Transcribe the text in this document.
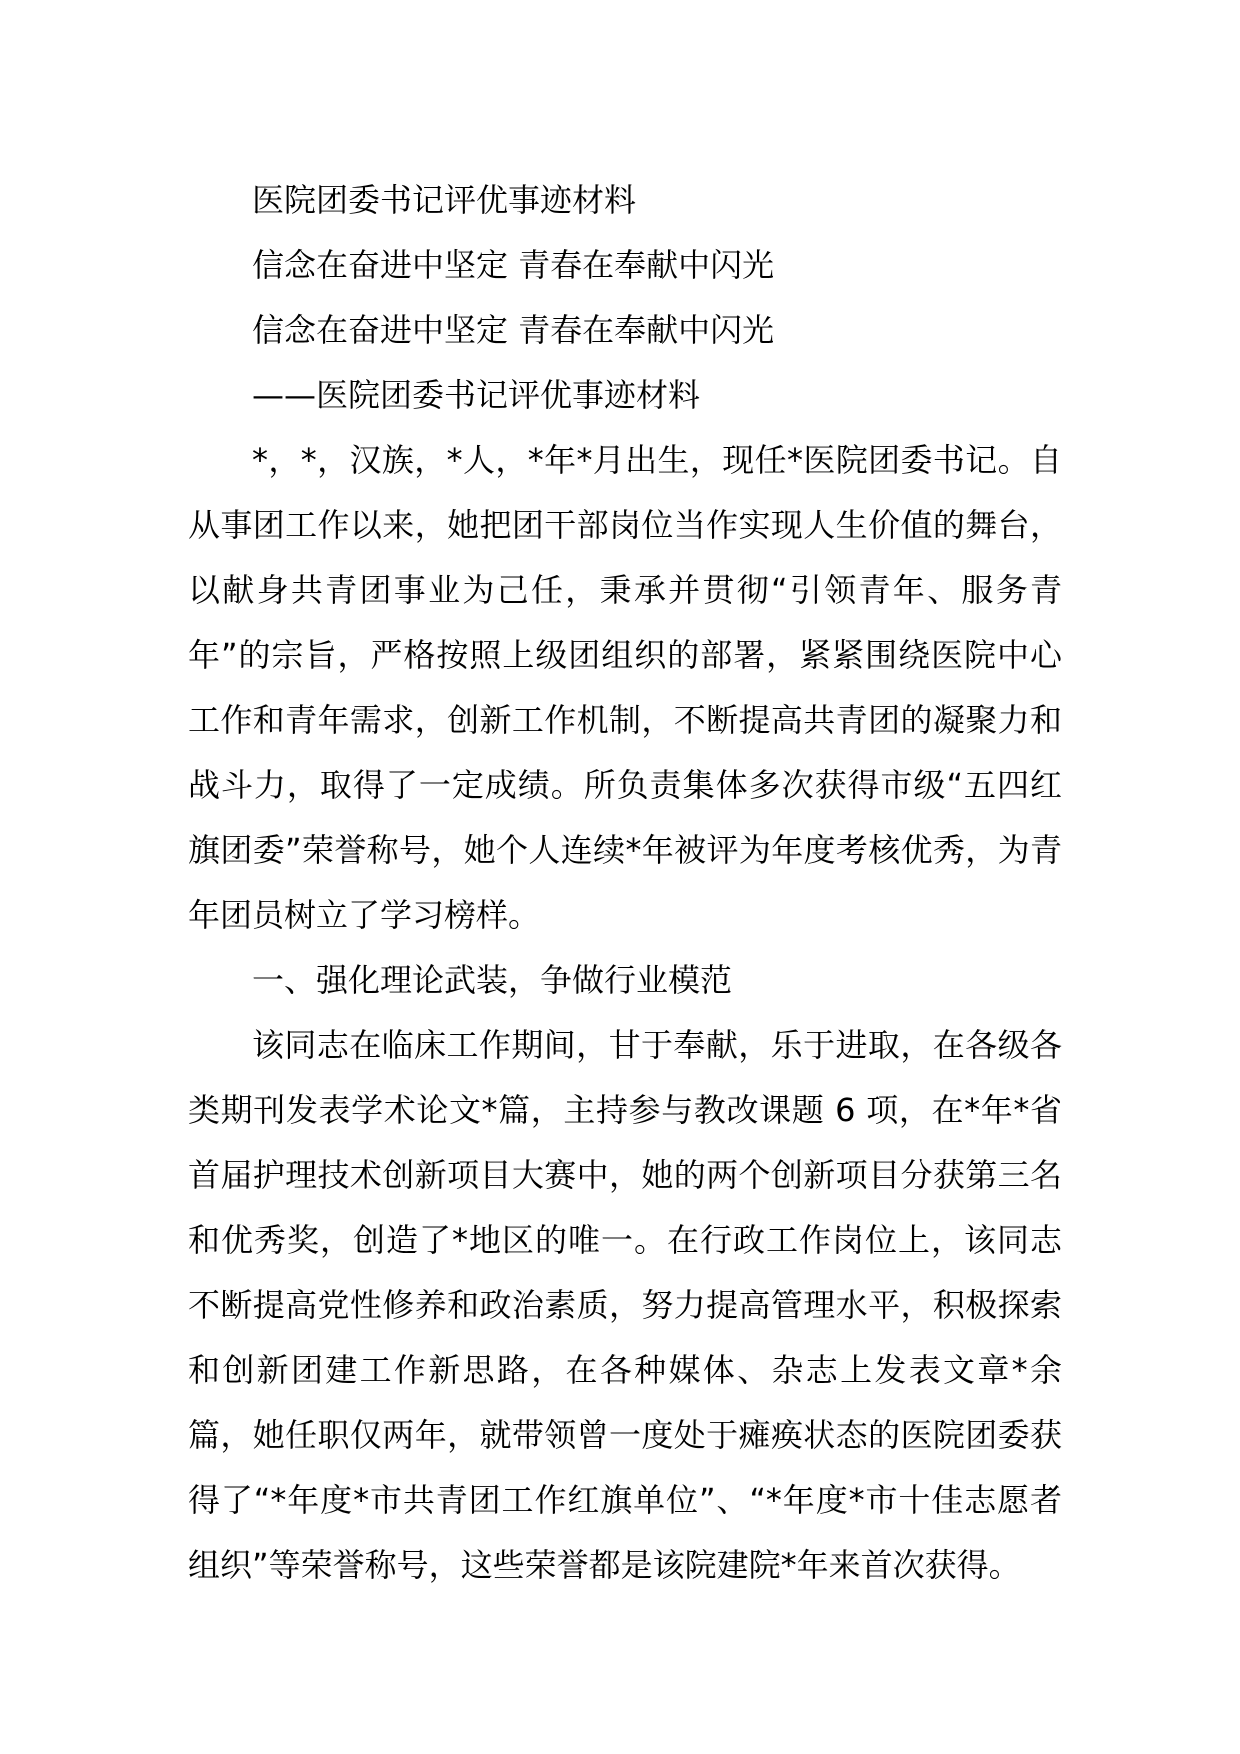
医院团委书记评优事迹材料

信念在奋进中坚定 青春在奉献中闪光

信念在奋进中坚定 青春在奉献中闪光

——医院团委书记评优事迹材料

*，*，汉族，*人，*年*月出生，现任*医院团委书记。自从事团工作以来，她把团干部岗位当作实现人生价值的舞台，以献身共青团事业为己任，秉承并贯彻“引领青年、服务青年”的宗旨，严格按照上级团组织的部署，紧紧围绕医院中心工作和青年需求，创新工作机制，不断提高共青团的凝聚力和战斗力，取得了一定成绩。所负责集体多次获得市级“五四红旗团委”荣誉称号，她个人连续*年被评为年度考核优秀，为青年团员树立了学习榜样。

一、强化理论武装，争做行业模范

该同志在临床工作期间，甘于奉献，乐于进取，在各级各类期刊发表学术论文*篇，主持参与教改课题 6 项，在*年*省首届护理技术创新项目大赛中，她的两个创新项目分获第三名和优秀奖，创造了*地区的唯一。在行政工作岗位上，该同志不断提高党性修养和政治素质，努力提高管理水平，积极探索和创新团建工作新思路，在各种媒体、杂志上发表文章*余篇，她任职仅两年，就带领曾一度处于瘫痪状态的医院团委获得了“*年度*市共青团工作红旗单位”、“*年度*市十佳志愿者组织”等荣誉称号，这些荣誉都是该院建院*年来首次获得。
